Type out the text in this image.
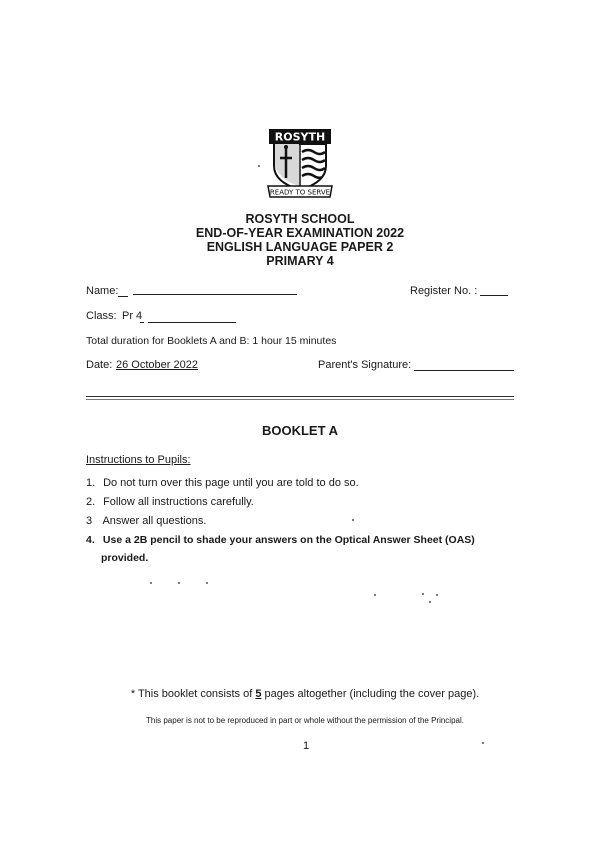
ROSYTH
READY TO SERVE
ROSYTH SCHOOL
END-OF-YEAR EXAMINATION 2022
ENGLISH LANGUAGE PAPER 2
PRIMARY 4
Name:	Register No. :
Class: Pr 4
Total duration for Booklets A and B: 1 hour 15 minutes
Date: 26 October 2022	Parent's Signature:
BOOKLET A
Instructions to Pupils:
1. Do not turn over this page until you are told to do so.
2. Follow all instructions carefully.
3 Answer all questions.
4. Use a 2B pencil to shade your answers on the Optical Answer Sheet (OAS)
provided.
* This booklet consists of 5 pages altogether (including the cover page).
This paper is not to be reproduced in part or whole without the permission of the Principal.
1
